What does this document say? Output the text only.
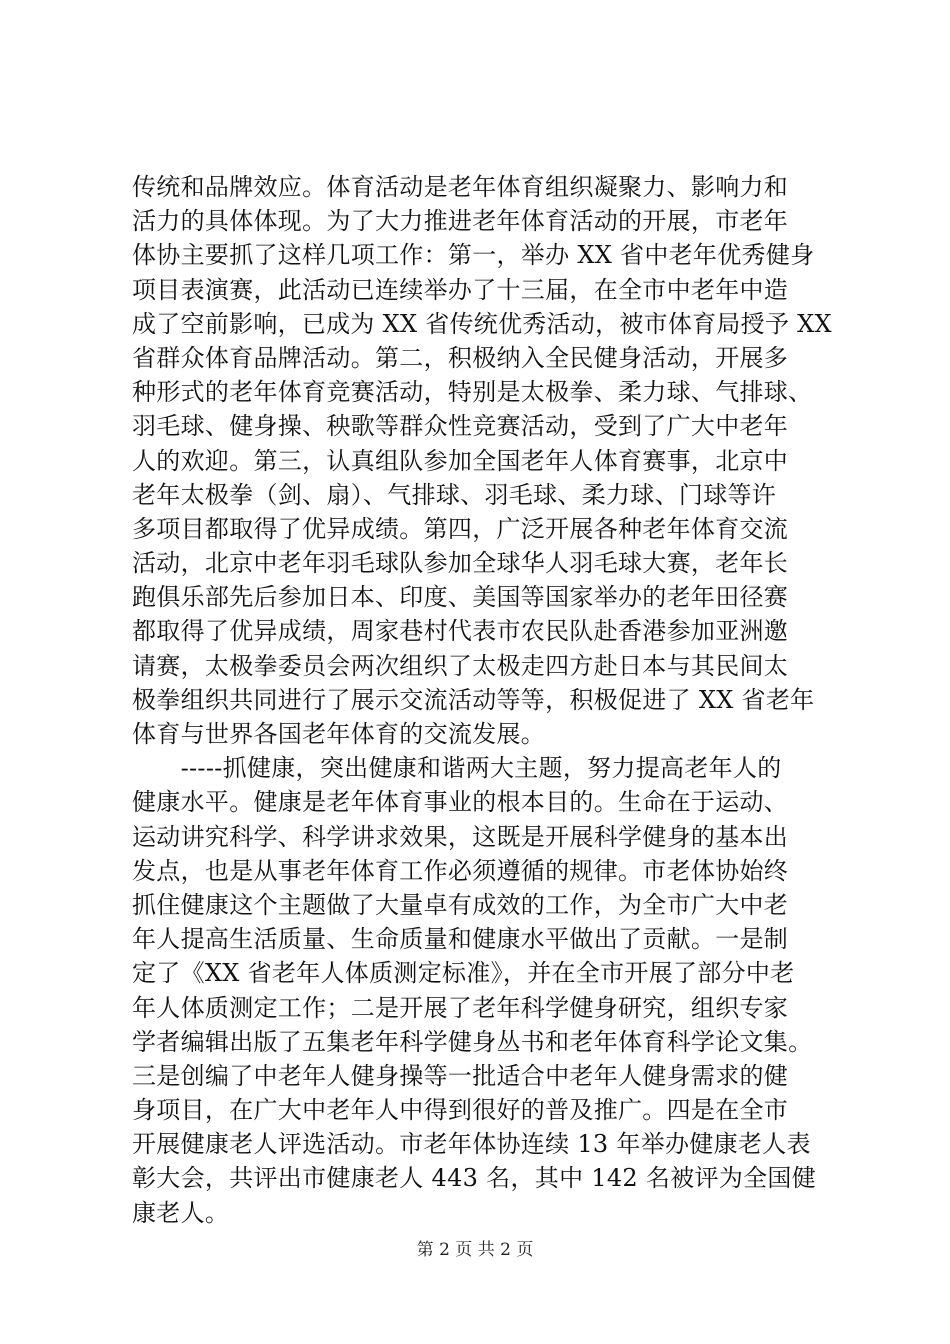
传统和品牌效应。体育活动是老年体育组织凝聚力、影响力和
活力的具体体现。为了大力推进老年体育活动的开展，市老年
体协主要抓了这样几项工作：第一，举办 XX 省中老年优秀健身
项目表演赛，此活动已连续举办了十三届，在全市中老年中造
成了空前影响，已成为 XX 省传统优秀活动，被市体育局授予 XX
省群众体育品牌活动。第二，积极纳入全民健身活动，开展多
种形式的老年体育竞赛活动，特别是太极拳、柔力球、气排球、
羽毛球、健身操、秧歌等群众性竞赛活动，受到了广大中老年
人的欢迎。第三，认真组队参加全国老年人体育赛事，北京中
老年太极拳（剑、扇）、气排球、羽毛球、柔力球、门球等许
多项目都取得了优异成绩。第四，广泛开展各种老年体育交流
活动，北京中老年羽毛球队参加全球华人羽毛球大赛，老年长
跑俱乐部先后参加日本、印度、美国等国家举办的老年田径赛
都取得了优异成绩，周家巷村代表市农民队赴香港参加亚洲邀
请赛，太极拳委员会两次组织了太极走四方赴日本与其民间太
极拳组织共同进行了展示交流活动等等，积极促进了 XX 省老年
体育与世界各国老年体育的交流发展。
　　-----抓健康，突出健康和谐两大主题，努力提高老年人的
健康水平。健康是老年体育事业的根本目的。生命在于运动、
运动讲究科学、科学讲求效果，这既是开展科学健身的基本出
发点，也是从事老年体育工作必须遵循的规律。市老体协始终
抓住健康这个主题做了大量卓有成效的工作，为全市广大中老
年人提高生活质量、生命质量和健康水平做出了贡献。一是制
定了《XX 省老年人体质测定标准》，并在全市开展了部分中老
年人体质测定工作；二是开展了老年科学健身研究，组织专家
学者编辑出版了五集老年科学健身丛书和老年体育科学论文集。
三是创编了中老年人健身操等一批适合中老年人健身需求的健
身项目，在广大中老年人中得到很好的普及推广。四是在全市
开展健康老人评选活动。市老年体协连续 13 年举办健康老人表
彰大会，共评出市健康老人 443 名，其中 142 名被评为全国健
康老人。
第 2 页 共 2 页
